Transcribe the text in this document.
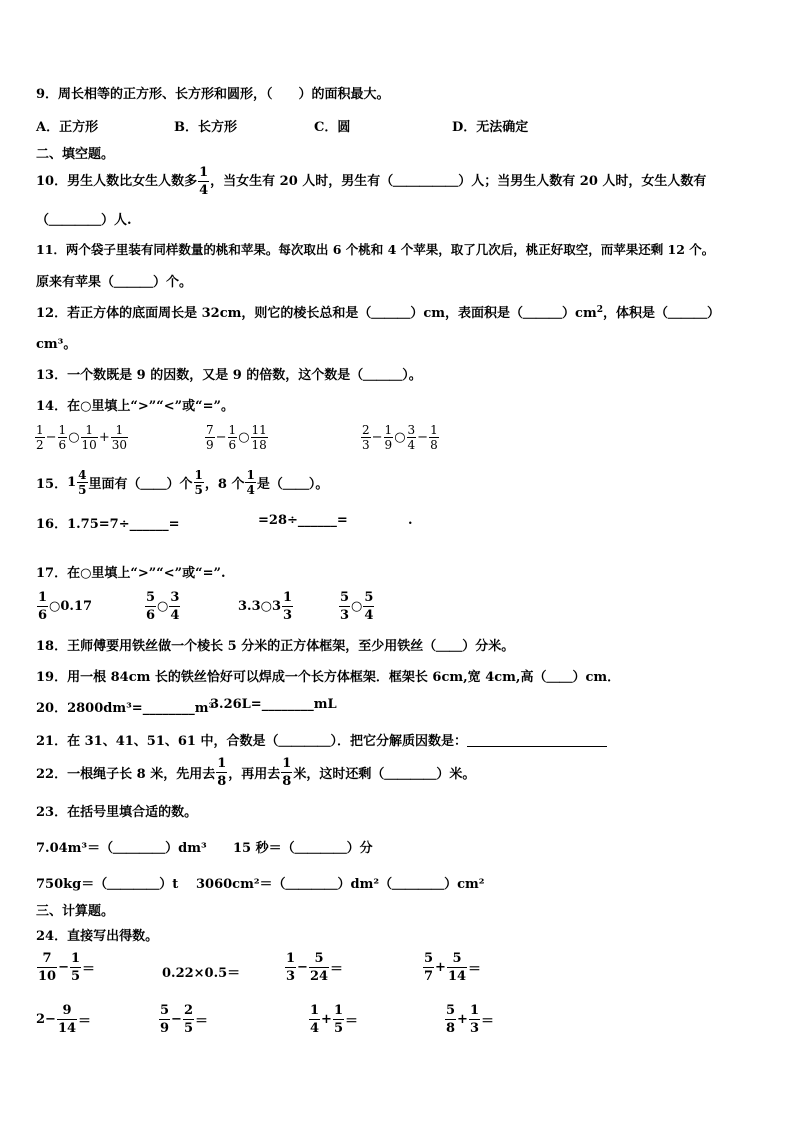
9．周长相等的正方形、长方形和圆形，（　　）的面积最大。
A．正方形	B．长方形	C．圆	D．无法确定
二、填空题。
10．男生人数比女生人数多 $\frac{1}{4}$ ，当女生有 20 人时，男生有（＿＿＿＿＿）人；当男生人数有 20 人时，女生人数有
（＿＿＿＿）人.
11．两个袋子里装有同样数量的桃和苹果。每次取出 6 个桃和 4 个苹果，取了几次后，桃正好取空，而苹果还剩 12 个。
原来有苹果（＿＿＿）个。
12．若正方体的底面周长是 32cm，则它的棱长总和是（＿＿＿）cm，表面积是$(\_\_\_)cm^2$，体积是（＿＿＿）
cm³。
13．一个数既是 9 的因数，又是 9 的倍数，这个数是（＿＿＿）。
14．在○里填上“>”“<”或“=”。
$\frac{1}{2} - \frac{1}{6}$ ○ $\frac{1}{10} + \frac{1}{30}$	$\frac{7}{9} - \frac{1}{6}$ ○ $\frac{11}{18}$	$\frac{2}{3} - \frac{1}{9}$ ○ $\frac{3}{4} - \frac{1}{8}$
15．$1 \frac{4}{5}$ 里面有（＿＿）个 $\frac{1}{5}$ ，8 个 $\frac{1}{4}$ 是（＿＿）。
16．1.75=7÷______=	=28÷______=	.
17．在○里填上“>”“<”或“=”.
$\frac{1}{6}$ ○0.17	$\frac{5}{6}$ ○ $\frac{3}{4}$	3.3○3 $\frac{1}{3}$	$\frac{5}{3}$ ○ $\frac{5}{4}$
18．王师傅要用铁丝做一个棱长 5 分米的正方体框架，至少用铁丝（＿＿）分米。
19．用一根 84cm 长的铁丝恰好可以焊成一个长方体框架．框架长 6cm,宽 4cm,高（＿＿）cm．
20．2800dm³=________m³
3.26L=________mL
21．在 31、41、51、61 中，合数是（＿＿＿＿）．把它分解质因数是：
22．一根绳子长 8 米，先用去 $\frac{1}{8}$ ，再用去 $\frac{1}{8}$ 米，这时还剩（＿＿＿＿）米。
23．在括号里填合适的数。
7.04m³＝（＿＿＿＿）dm³ 15 秒＝（＿＿＿＿）分
750kg＝（＿＿＿＿）t 3060cm²＝（＿＿＿＿）dm²（＿＿＿＿）cm²
三、计算题。
24．直接写出得数。
$\frac{7}{10} - \frac{1}{5}$ ＝	0.22×0.5＝	$\frac{1}{3} - \frac{5}{24}$ ＝	$\frac{5}{7} + \frac{5}{14}$ ＝
$2- \frac{9}{14}$ ＝	$\frac{5}{9} - \frac{2}{5}$ ＝	$\frac{1}{4} + \frac{1}{5}$ ＝	$\frac{5}{8} + \frac{1}{3}$ ＝
